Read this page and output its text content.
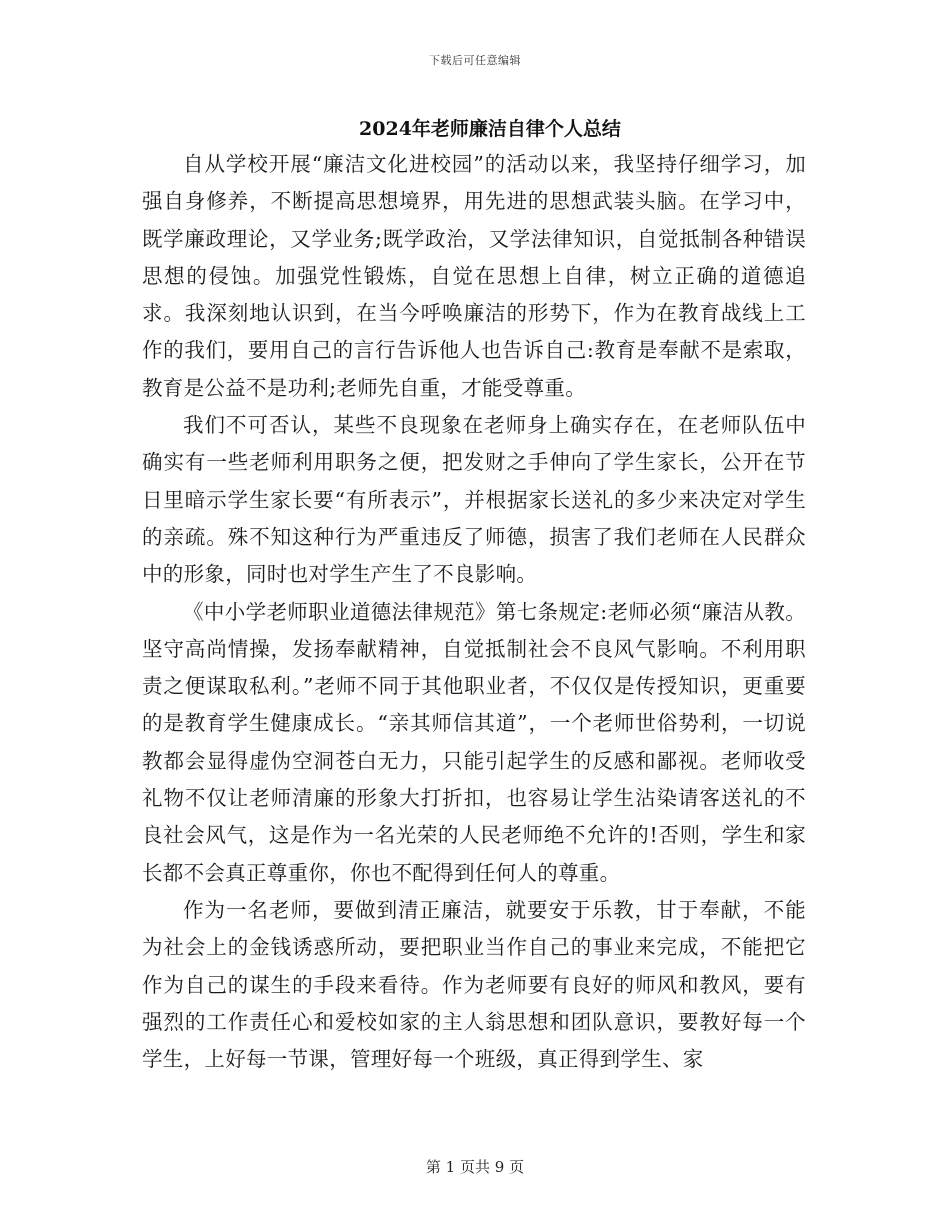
下载后可任意编辑
2024年老师廉洁自律个人总结

自从学校开展“廉洁文化进校园”的活动以来，我坚持仔细学习，加强自身修养，不断提高思想境界，用先进的思想武装头脑。在学习中，既学廉政理论，又学业务;既学政治，又学法律知识，自觉抵制各种错误思想的侵蚀。加强党性锻炼，自觉在思想上自律，树立正确的道德追求。我深刻地认识到，在当今呼唤廉洁的形势下，作为在教育战线上工作的我们，要用自己的言行告诉他人也告诉自己:教育是奉献不是索取，教育是公益不是功利;老师先自重，才能受尊重。

我们不可否认，某些不良现象在老师身上确实存在，在老师队伍中确实有一些老师利用职务之便，把发财之手伸向了学生家长，公开在节日里暗示学生家长要“有所表示”，并根据家长送礼的多少来决定对学生的亲疏。殊不知这种行为严重违反了师德，损害了我们老师在人民群众中的形象，同时也对学生产生了不良影响。

《中小学老师职业道德法律规范》第七条规定:老师必须“廉洁从教。坚守高尚情操，发扬奉献精神，自觉抵制社会不良风气影响。不利用职责之便谋取私利。”老师不同于其他职业者，不仅仅是传授知识，更重要的是教育学生健康成长。“亲其师信其道”，一个老师世俗势利，一切说教都会显得虚伪空洞苍白无力，只能引起学生的反感和鄙视。老师收受礼物不仅让老师清廉的形象大打折扣，也容易让学生沾染请客送礼的不良社会风气，这是作为一名光荣的人民老师绝不允许的!否则，学生和家长都不会真正尊重你，你也不配得到任何人的尊重。

作为一名老师，要做到清正廉洁，就要安于乐教，甘于奉献，不能为社会上的金钱诱惑所动，要把职业当作自己的事业来完成，不能把它作为自己的谋生的手段来看待。作为老师要有良好的师风和教风，要有强烈的工作责任心和爱校如家的主人翁思想和团队意识，要教好每一个学生，上好每一节课，管理好每一个班级，真正得到学生、家

第 1 页共 9 页
